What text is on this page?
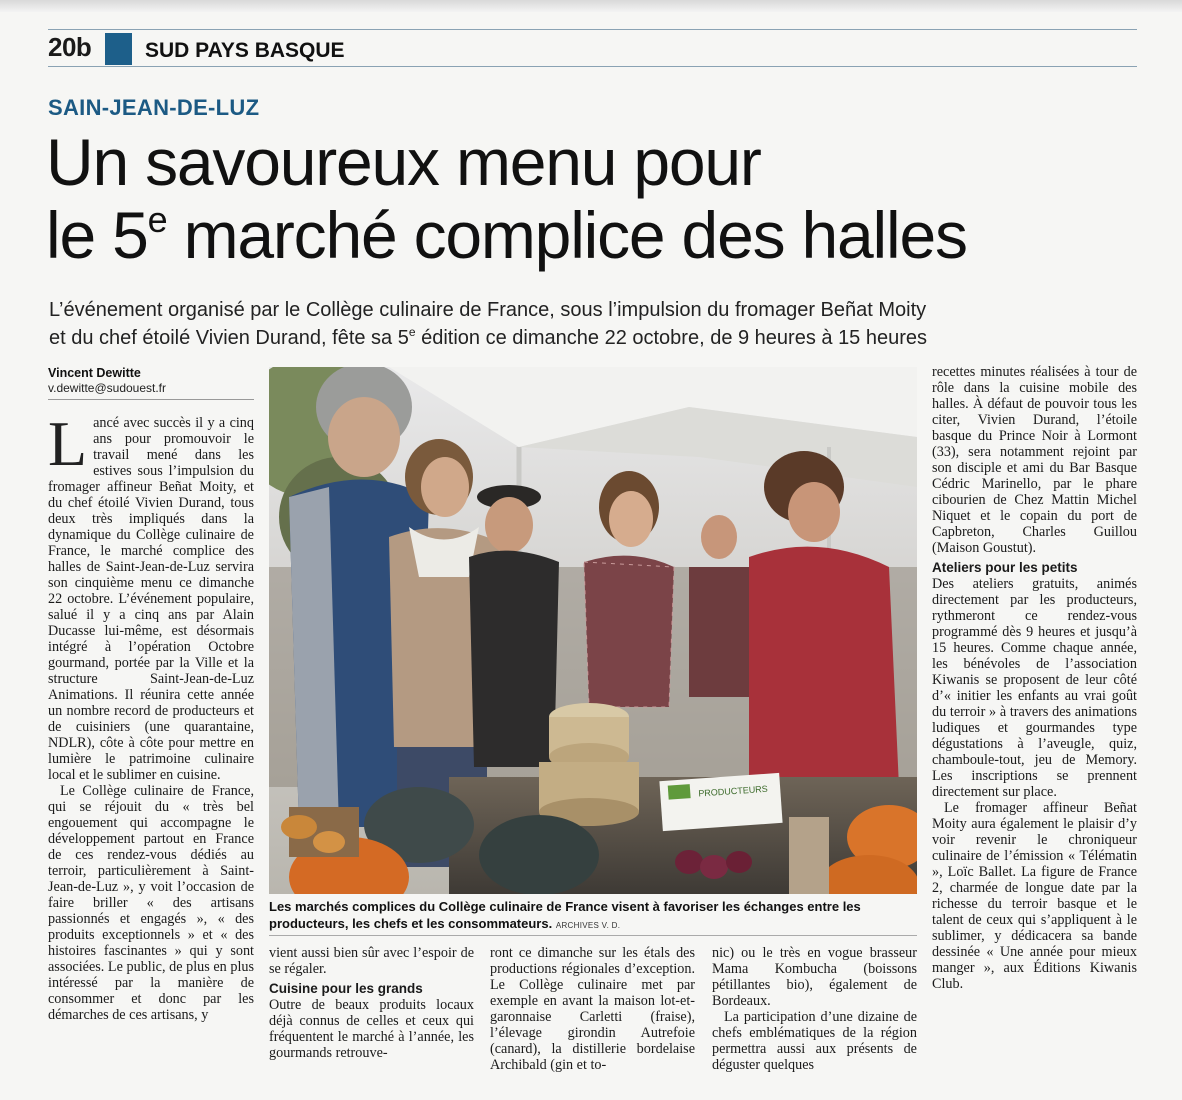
20b	SUD PAYS BASQUE
SAIN-JEAN-DE-LUZ
Un savoureux menu pour
le 5e marché complice des halles
L’événement organisé par le Collège culinaire de France, sous l’impulsion du fromager Beñat Moity
et du chef étoilé Vivien Durand, fête sa 5e édition ce dimanche 22 octobre, de 9 heures à 15 heures
Vincent Dewitte
v.dewitte@sudouest.fr

Lancé avec succès il y a cinq ans pour promouvoir le travail mené dans les estives sous l’impulsion du fromager affineur Beñat Moity, et du chef étoilé Vivien Durand, tous deux très impliqués dans la dynamique du Collège culinaire de France, le marché complice des halles de Saint-Jean-de-Luz servira son cinquième menu ce dimanche 22 octobre. L’événement populaire, salué il y a cinq ans par Alain Ducasse lui-même, est désormais intégré à l’opération Octobre gourmand, portée par la Ville et la structure Saint-Jean-de-Luz Animations. Il réunira cette année un nombre record de producteurs et de cuisiniers (une quarantaine, NDLR), côte à côte pour mettre en lumière le patrimoine culinaire local et le sublimer en cuisine.

Le Collège culinaire de France, qui se réjouit du « très bel engouement qui accompagne le développement partout en France de ces rendez-vous dédiés au terroir, particulièrement à Saint-Jean-de-Luz », y voit l’occasion de faire briller « des artisans passionnés et engagés », « des produits exceptionnels » et « des histoires fascinantes » qui y sont associées. Le public, de plus en plus intéressé par la manière de consommer et donc par les démarches de ces artisans, y

PRODUCTEURS
Les marchés complices du Collège culinaire de France visent à favoriser les échanges entre les producteurs, les chefs et les consommateurs. ARCHIVES V. D.

vient aussi bien sûr avec l’espoir de se régaler.

Cuisine pour les grands

Outre de beaux produits locaux déjà connus de celles et ceux qui fréquentent le marché à l’année, les gourmands retrouve-

ront ce dimanche sur les étals des productions régionales d’exception. Le Collège culinaire met par exemple en avant la maison lot-et-garonnaise Carletti (fraise), l’élevage girondin Autrefoie (canard), la distillerie bordelaise Archibald (gin et to-

nic) ou le très en vogue brasseur Mama Kombucha (boissons pétillantes bio), également de Bordeaux.

La participation d’une dizaine de chefs emblématiques de la région permettra aussi aux présents de déguster quelques

recettes minutes réalisées à tour de rôle dans la cuisine mobile des halles. À défaut de pouvoir tous les citer, Vivien Durand, l’étoile basque du Prince Noir à Lormont (33), sera notamment rejoint par son disciple et ami du Bar Basque Cédric Marinello, par le phare cibourien de Chez Mattin Michel Niquet et le copain du port de Capbreton, Charles Guillou (Maison Goustut).

Ateliers pour les petits

Des ateliers gratuits, animés directement par les producteurs, rythmeront ce rendez-vous programmé dès 9 heures et jusqu’à 15 heures. Comme chaque année, les bénévoles de l’association Kiwanis se proposent de leur côté d’« initier les enfants au vrai goût du terroir » à travers des animations ludiques et gourmandes type dégustations à l’aveugle, quiz, chamboule-tout, jeu de Memory. Les inscriptions se prennent directement sur place.

Le fromager affineur Beñat Moity aura également le plaisir d’y voir revenir le chroniqueur culinaire de l’émission « Télématin », Loïc Ballet. La figure de France 2, charmée de longue date par la richesse du terroir basque et le talent de ceux qui s’appliquent à le sublimer, y dédicacera sa bande dessinée « Une année pour mieux manger », aux Éditions Kiwanis Club.
